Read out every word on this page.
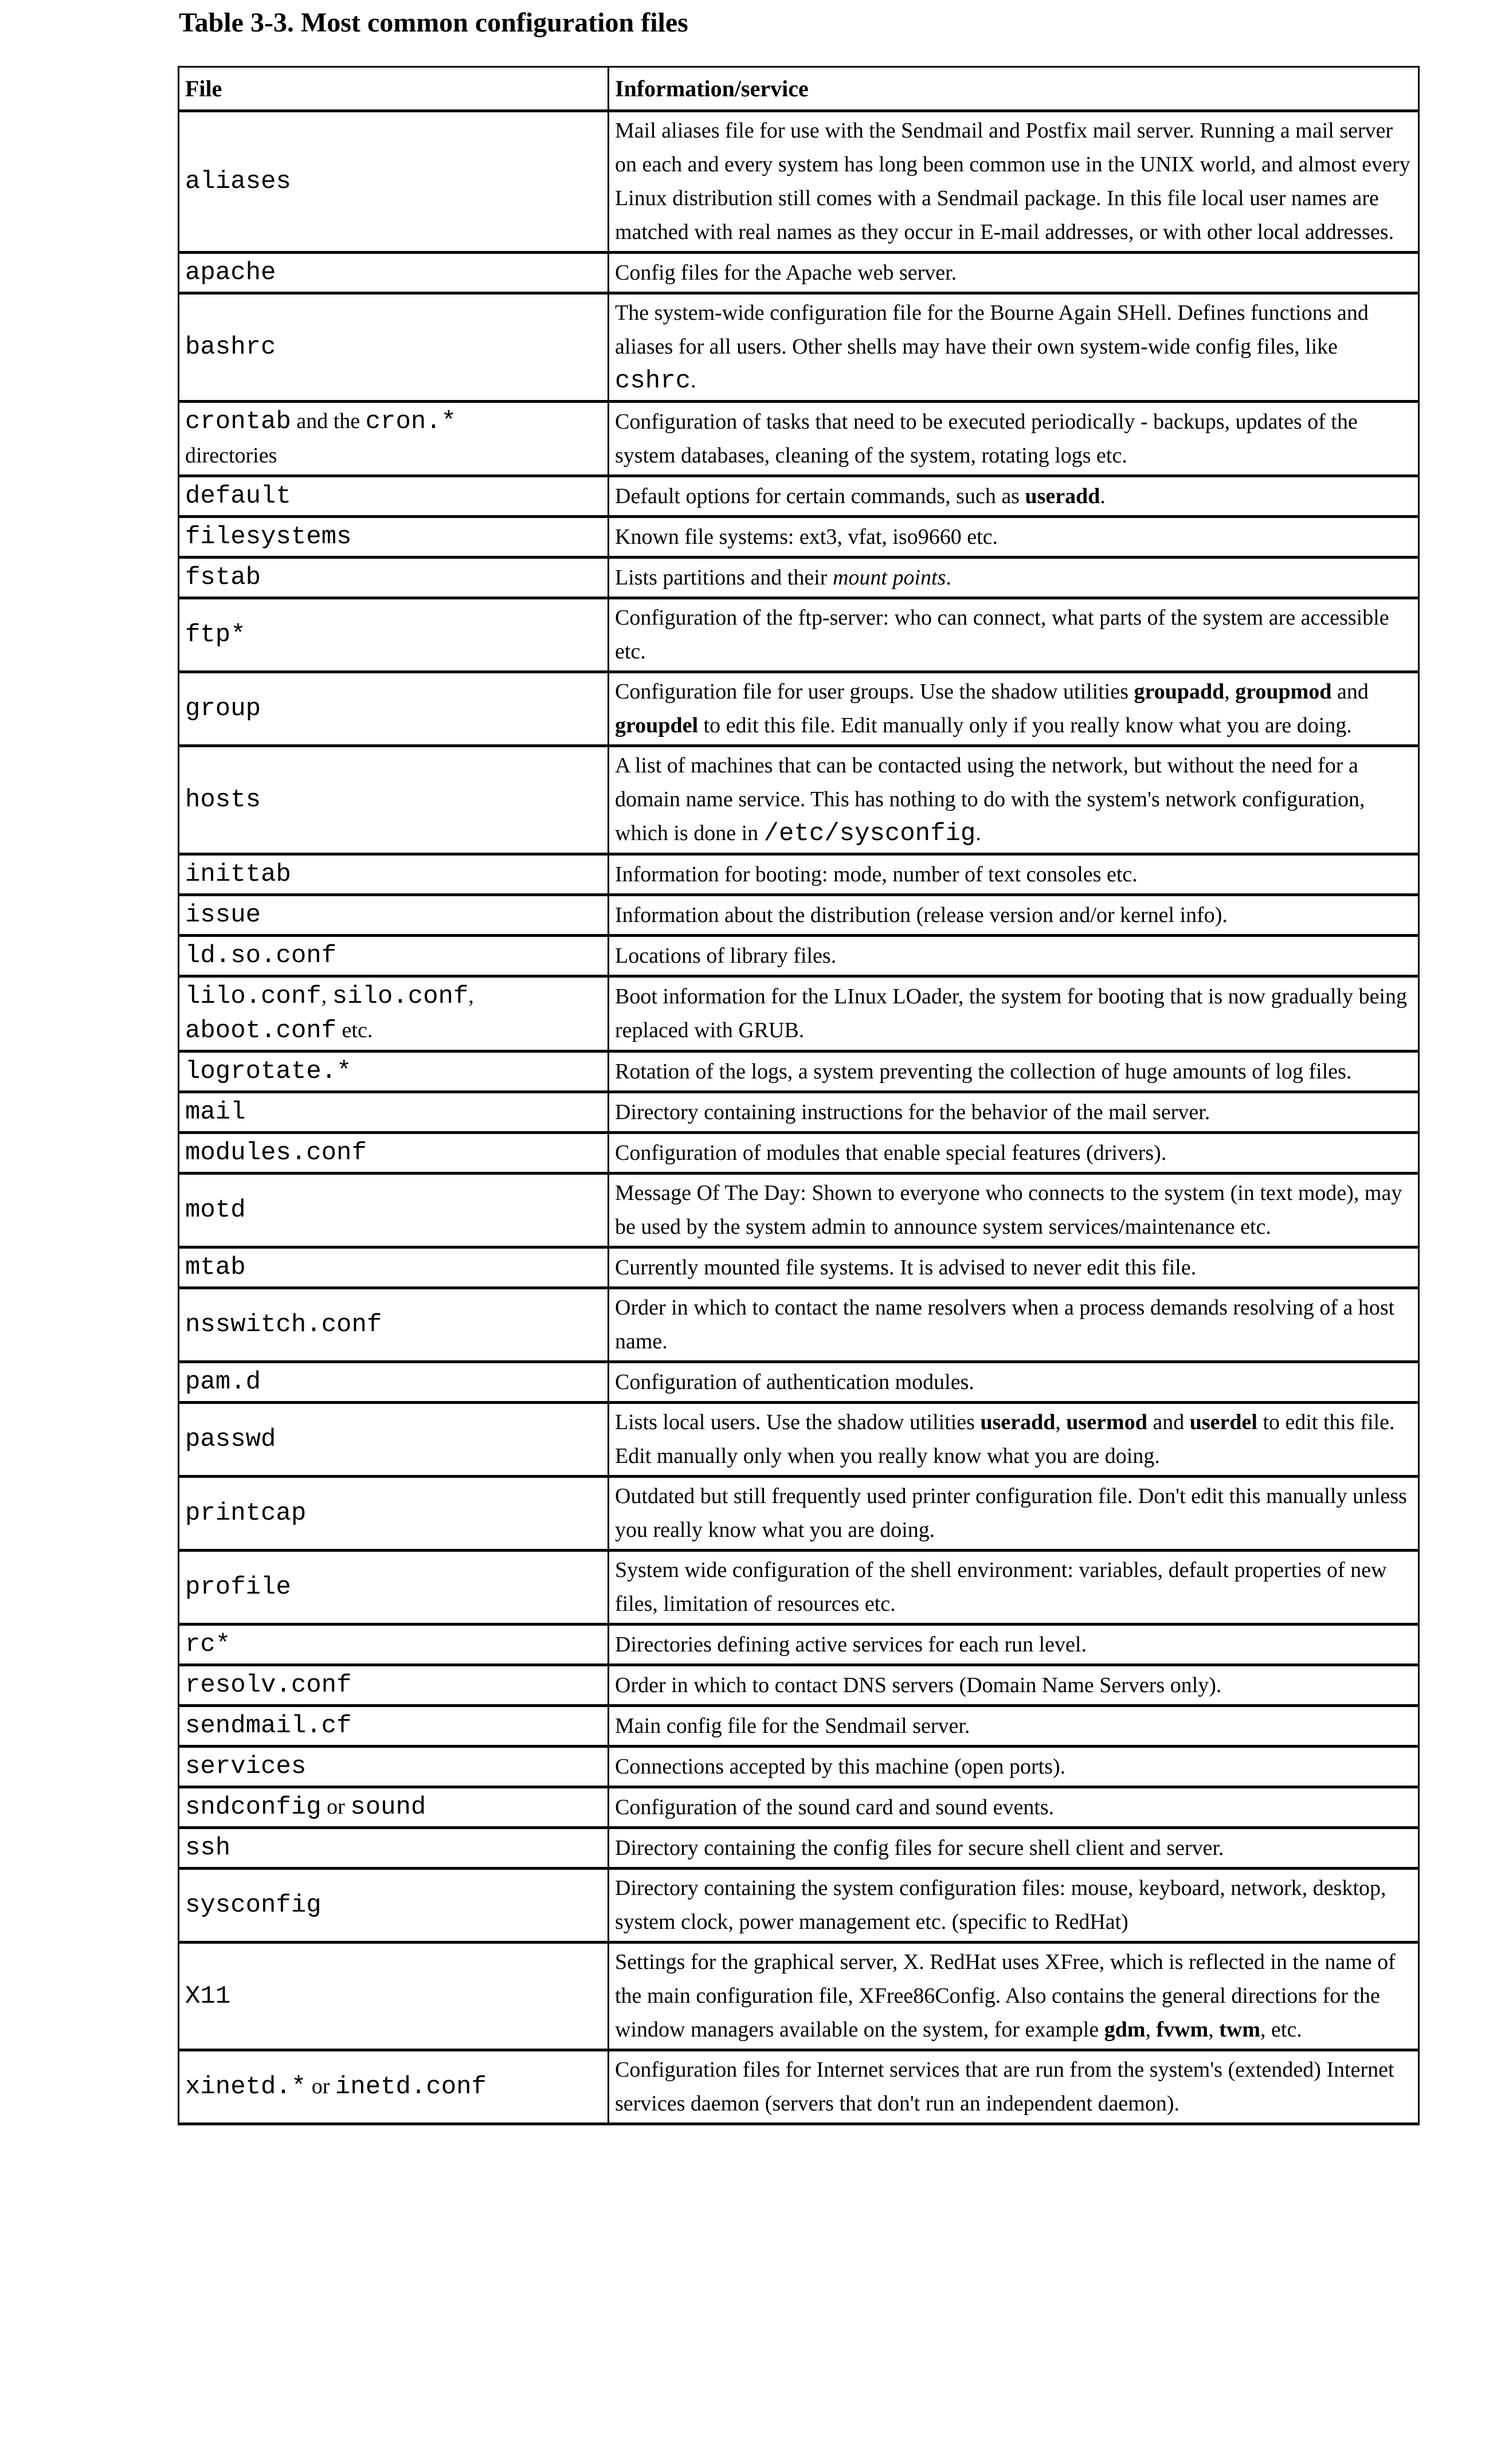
Table 3-3. Most common configuration files

File	Information/service
aliases	Mail aliases file for use with the Sendmail and Postfix mail server. Running a mail server on each and every system has long been common use in the UNIX world, and almost every Linux distribution still comes with a Sendmail package. In this file local user names are matched with real names as they occur in E-mail addresses, or with other local addresses.
apache	Config files for the Apache web server.
bashrc	The system-wide configuration file for the Bourne Again SHell. Defines functions and aliases for all users. Other shells may have their own system-wide config files, like cshrc.
crontab and the cron.*
directories	Configuration of tasks that need to be executed periodically - backups, updates of the system databases, cleaning of the system, rotating logs etc.
default	Default options for certain commands, such as useradd.
filesystems	Known file systems: ext3, vfat, iso9660 etc.
fstab	Lists partitions and their mount points.
ftp*	Configuration of the ftp-server: who can connect, what parts of the system are accessible etc.
group	Configuration file for user groups. Use the shadow utilities groupadd, groupmod and groupdel to edit this file. Edit manually only if you really know what you are doing.
hosts	A list of machines that can be contacted using the network, but without the need for a domain name service. This has nothing to do with the system's network configuration, which is done in /etc/sysconfig.
inittab	Information for booting: mode, number of text consoles etc.
issue	Information about the distribution (release version and/or kernel info).
ld.so.conf	Locations of library files.
lilo.conf, silo.conf,
aboot.conf etc.	Boot information for the LInux LOader, the system for booting that is now gradually being replaced with GRUB.
logrotate.*	Rotation of the logs, a system preventing the collection of huge amounts of log files.
mail	Directory containing instructions for the behavior of the mail server.
modules.conf	Configuration of modules that enable special features (drivers).
motd	Message Of The Day: Shown to everyone who connects to the system (in text mode), may be used by the system admin to announce system services/maintenance etc.
mtab	Currently mounted file systems. It is advised to never edit this file.
nsswitch.conf	Order in which to contact the name resolvers when a process demands resolving of a host name.
pam.d	Configuration of authentication modules.
passwd	Lists local users. Use the shadow utilities useradd, usermod and userdel to edit this file. Edit manually only when you really know what you are doing.
printcap	Outdated but still frequently used printer configuration file. Don't edit this manually unless you really know what you are doing.
profile	System wide configuration of the shell environment: variables, default properties of new files, limitation of resources etc.
rc*	Directories defining active services for each run level.
resolv.conf	Order in which to contact DNS servers (Domain Name Servers only).
sendmail.cf	Main config file for the Sendmail server.
services	Connections accepted by this machine (open ports).
sndconfig or sound	Configuration of the sound card and sound events.
ssh	Directory containing the config files for secure shell client and server.
sysconfig	Directory containing the system configuration files: mouse, keyboard, network, desktop, system clock, power management etc. (specific to RedHat)
X11	Settings for the graphical server, X. RedHat uses XFree, which is reflected in the name of the main configuration file, XFree86Config. Also contains the general directions for the window managers available on the system, for example gdm, fvwm, twm, etc.
xinetd.* or inetd.conf	Configuration files for Internet services that are run from the system's (extended) Internet services daemon (servers that don't run an independent daemon).
